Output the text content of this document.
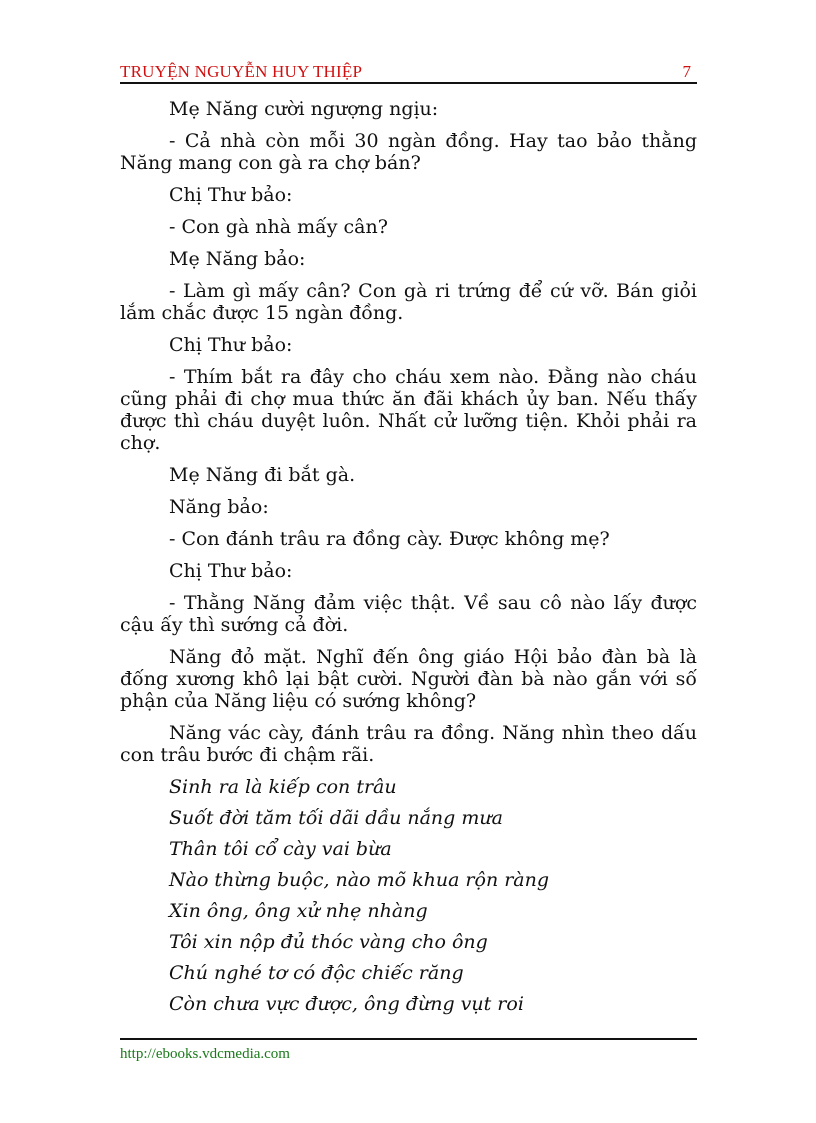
TRUYỆN NGUYỄN HUY THIỆP	7

Mẹ Năng cười ngượng ngịu:

- Cả nhà còn mỗi 30 ngàn đồng. Hay tao bảo thằng Năng mang con gà ra chợ bán?

Chị Thư bảo:

- Con gà nhà mấy cân?

Mẹ Năng bảo:

- Làm gì mấy cân? Con gà ri trứng để cứ vỡ. Bán giỏi lắm chắc được 15 ngàn đồng.

Chị Thư bảo:

- Thím bắt ra đây cho cháu xem nào. Đằng nào cháu cũng phải đi chợ mua thức ăn đãi khách ủy ban. Nếu thấy được thì cháu duyệt luôn. Nhất cử lưỡng tiện. Khỏi phải ra chợ.

Mẹ Năng đi bắt gà.

Năng bảo:

- Con đánh trâu ra đồng cày. Được không mẹ?

Chị Thư bảo:

- Thằng Năng đảm việc thật. Về sau cô nào lấy được cậu ấy thì sướng cả đời.

Năng đỏ mặt. Nghĩ đến ông giáo Hội bảo đàn bà là đống xương khô lại bật cười. Người đàn bà nào gắn với số phận của Năng liệu có sướng không?

Năng vác cày, đánh trâu ra đồng. Năng nhìn theo dấu con trâu bước đi chậm rãi.

Sinh ra là kiếp con trâu

Suốt đời tăm tối dãi dầu nắng mưa

Thân tôi cổ cày vai bừa

Nào thừng buộc, nào mõ khua rộn ràng

Xin ông, ông xử nhẹ nhàng

Tôi xin nộp đủ thóc vàng cho ông

Chú nghé tơ có độc chiếc răng

Còn chưa vực được, ông đừng vụt roi

http://ebooks.vdcmedia.com
